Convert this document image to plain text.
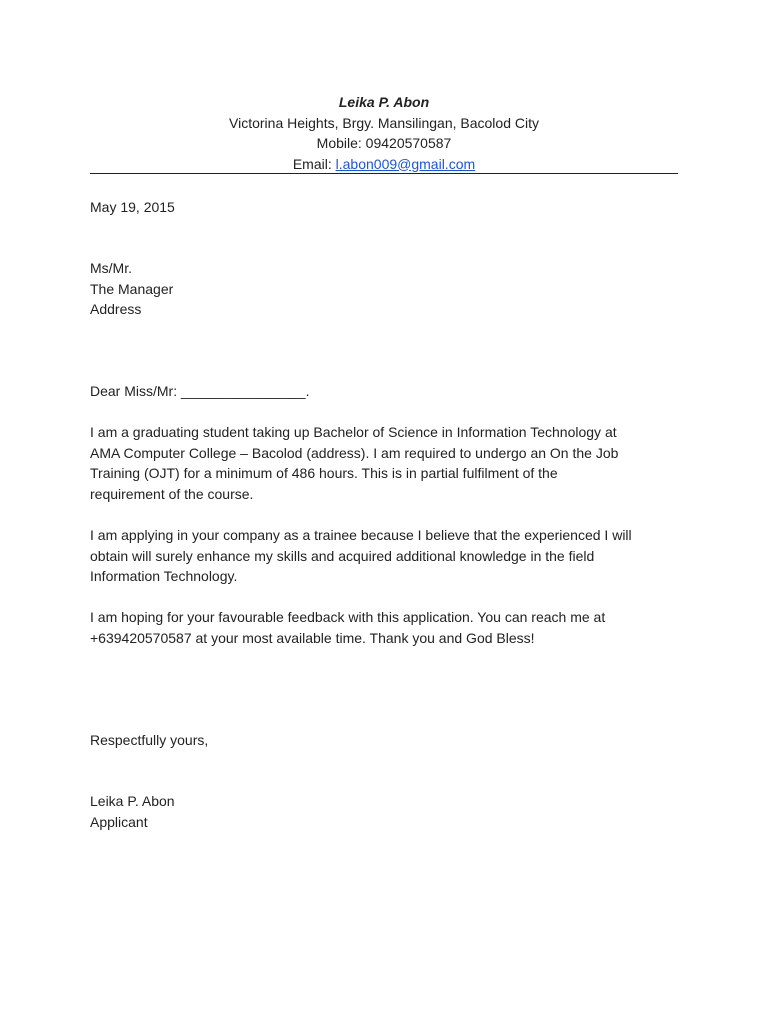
Leika P. Abon
Victorina Heights, Brgy. Mansilingan, Bacolod City
Mobile: 09420570587
Email: l.abon009@gmail.com
May 19, 2015
Ms/Mr.
The Manager
Address
Dear Miss/Mr: ________________.
I am a graduating student taking up Bachelor of Science in Information Technology at
AMA Computer College – Bacolod (address). I am required to undergo an On the Job
Training (OJT) for a minimum of 486 hours. This is in partial fulfilment of the
requirement of the course.
I am applying in your company as a trainee because I believe that the experienced I will
obtain will surely enhance my skills and acquired additional knowledge in the field
Information Technology.
I am hoping for your favourable feedback with this application. You can reach me at
+639420570587 at your most available time. Thank you and God Bless!
Respectfully yours,
Leika P. Abon
Applicant
